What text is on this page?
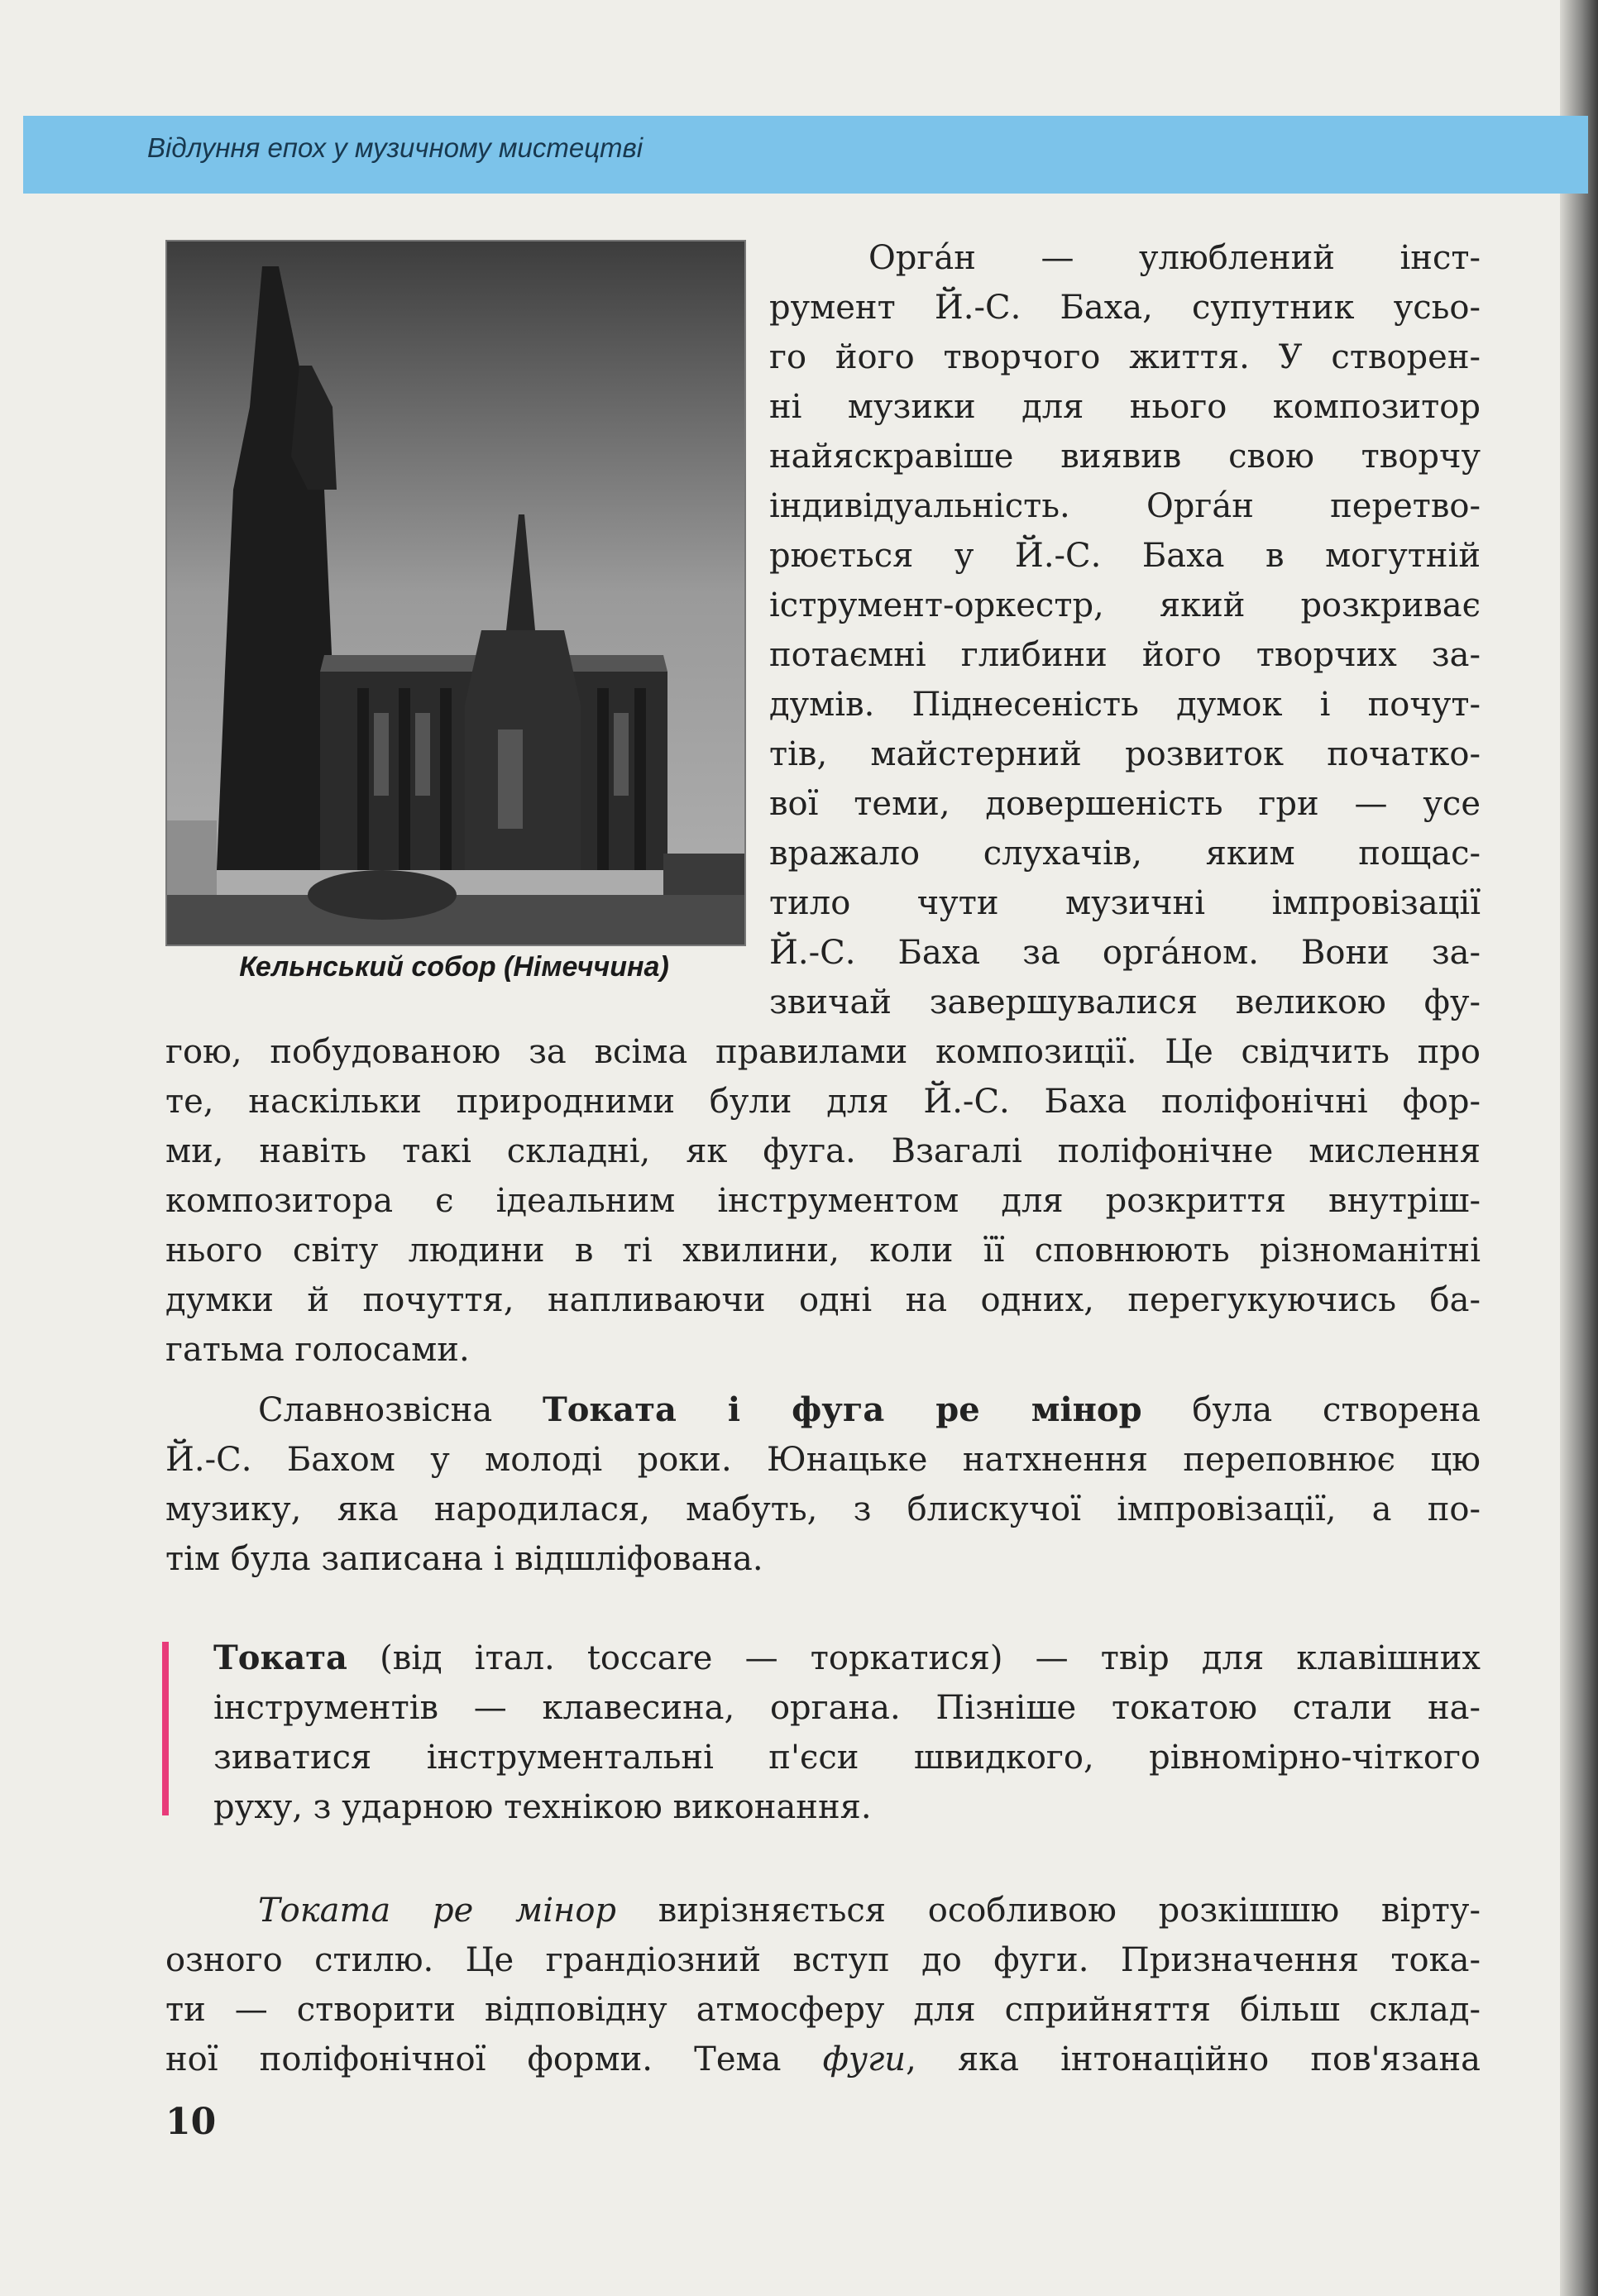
Відлуння епох у музичному мистецтві
Кельнський собор (Німеччина)
Орга́н — улюблений інст-
румент Й.-С. Баха, супутник усьо-
го його творчого життя. У створен-
ні музики для нього композитор
найяскравіше виявив свою творчу
індивідуальність. Орга́н перетво-
рюється у Й.-С. Баха в могутній
іструмент-оркестр, який розкриває
потаємні глибини його творчих за-
думів. Піднесеність думок і почут-
тів, майстерний розвиток початко-
вої теми, довершеність гри — усе
вражало слухачів, яким пощас-
тило чути музичні імпровізації
Й.-С. Баха за орга́ном. Вони за-
звичай завершувалися великою фу-
гою, побудованою за всіма правилами композиції. Це свідчить про
те, наскільки природними були для Й.-С. Баха поліфонічні фор-
ми, навіть такі складні, як фуга. Взагалі поліфонічне мислення
композитора є ідеальним інструментом для розкриття внутріш-
нього світу людини в ті хвилини, коли її сповнюють різноманітні
думки й почуття, напливаючи одні на одних, перегукуючись ба-
гатьма голосами.
Славнозвісна Токата і фуга ре мінор була створена
Й.-С. Бахом у молоді роки. Юнацьке натхнення переповнює цю
музику, яка народилася, мабуть, з блискучої імпровізації, а по-
тім була записана і відшліфована.
Токата (від італ. toccare — торкатися) — твір для клавішних
інструментів — клавесина, органа. Пізніше токатою стали на-
зиватися інструментальні п'єси швидкого, рівномірно-чіткого
руху, з ударною технікою виконання.
Токата ре мінор вирізняється особливою розкішшю вірту-
озного стилю. Це грандіозний вступ до фуги. Призначення тока-
ти — створити відповідну атмосферу для сприйняття більш склад-
ної поліфонічної форми. Тема фуги, яка інтонаційно пов'язана
10
